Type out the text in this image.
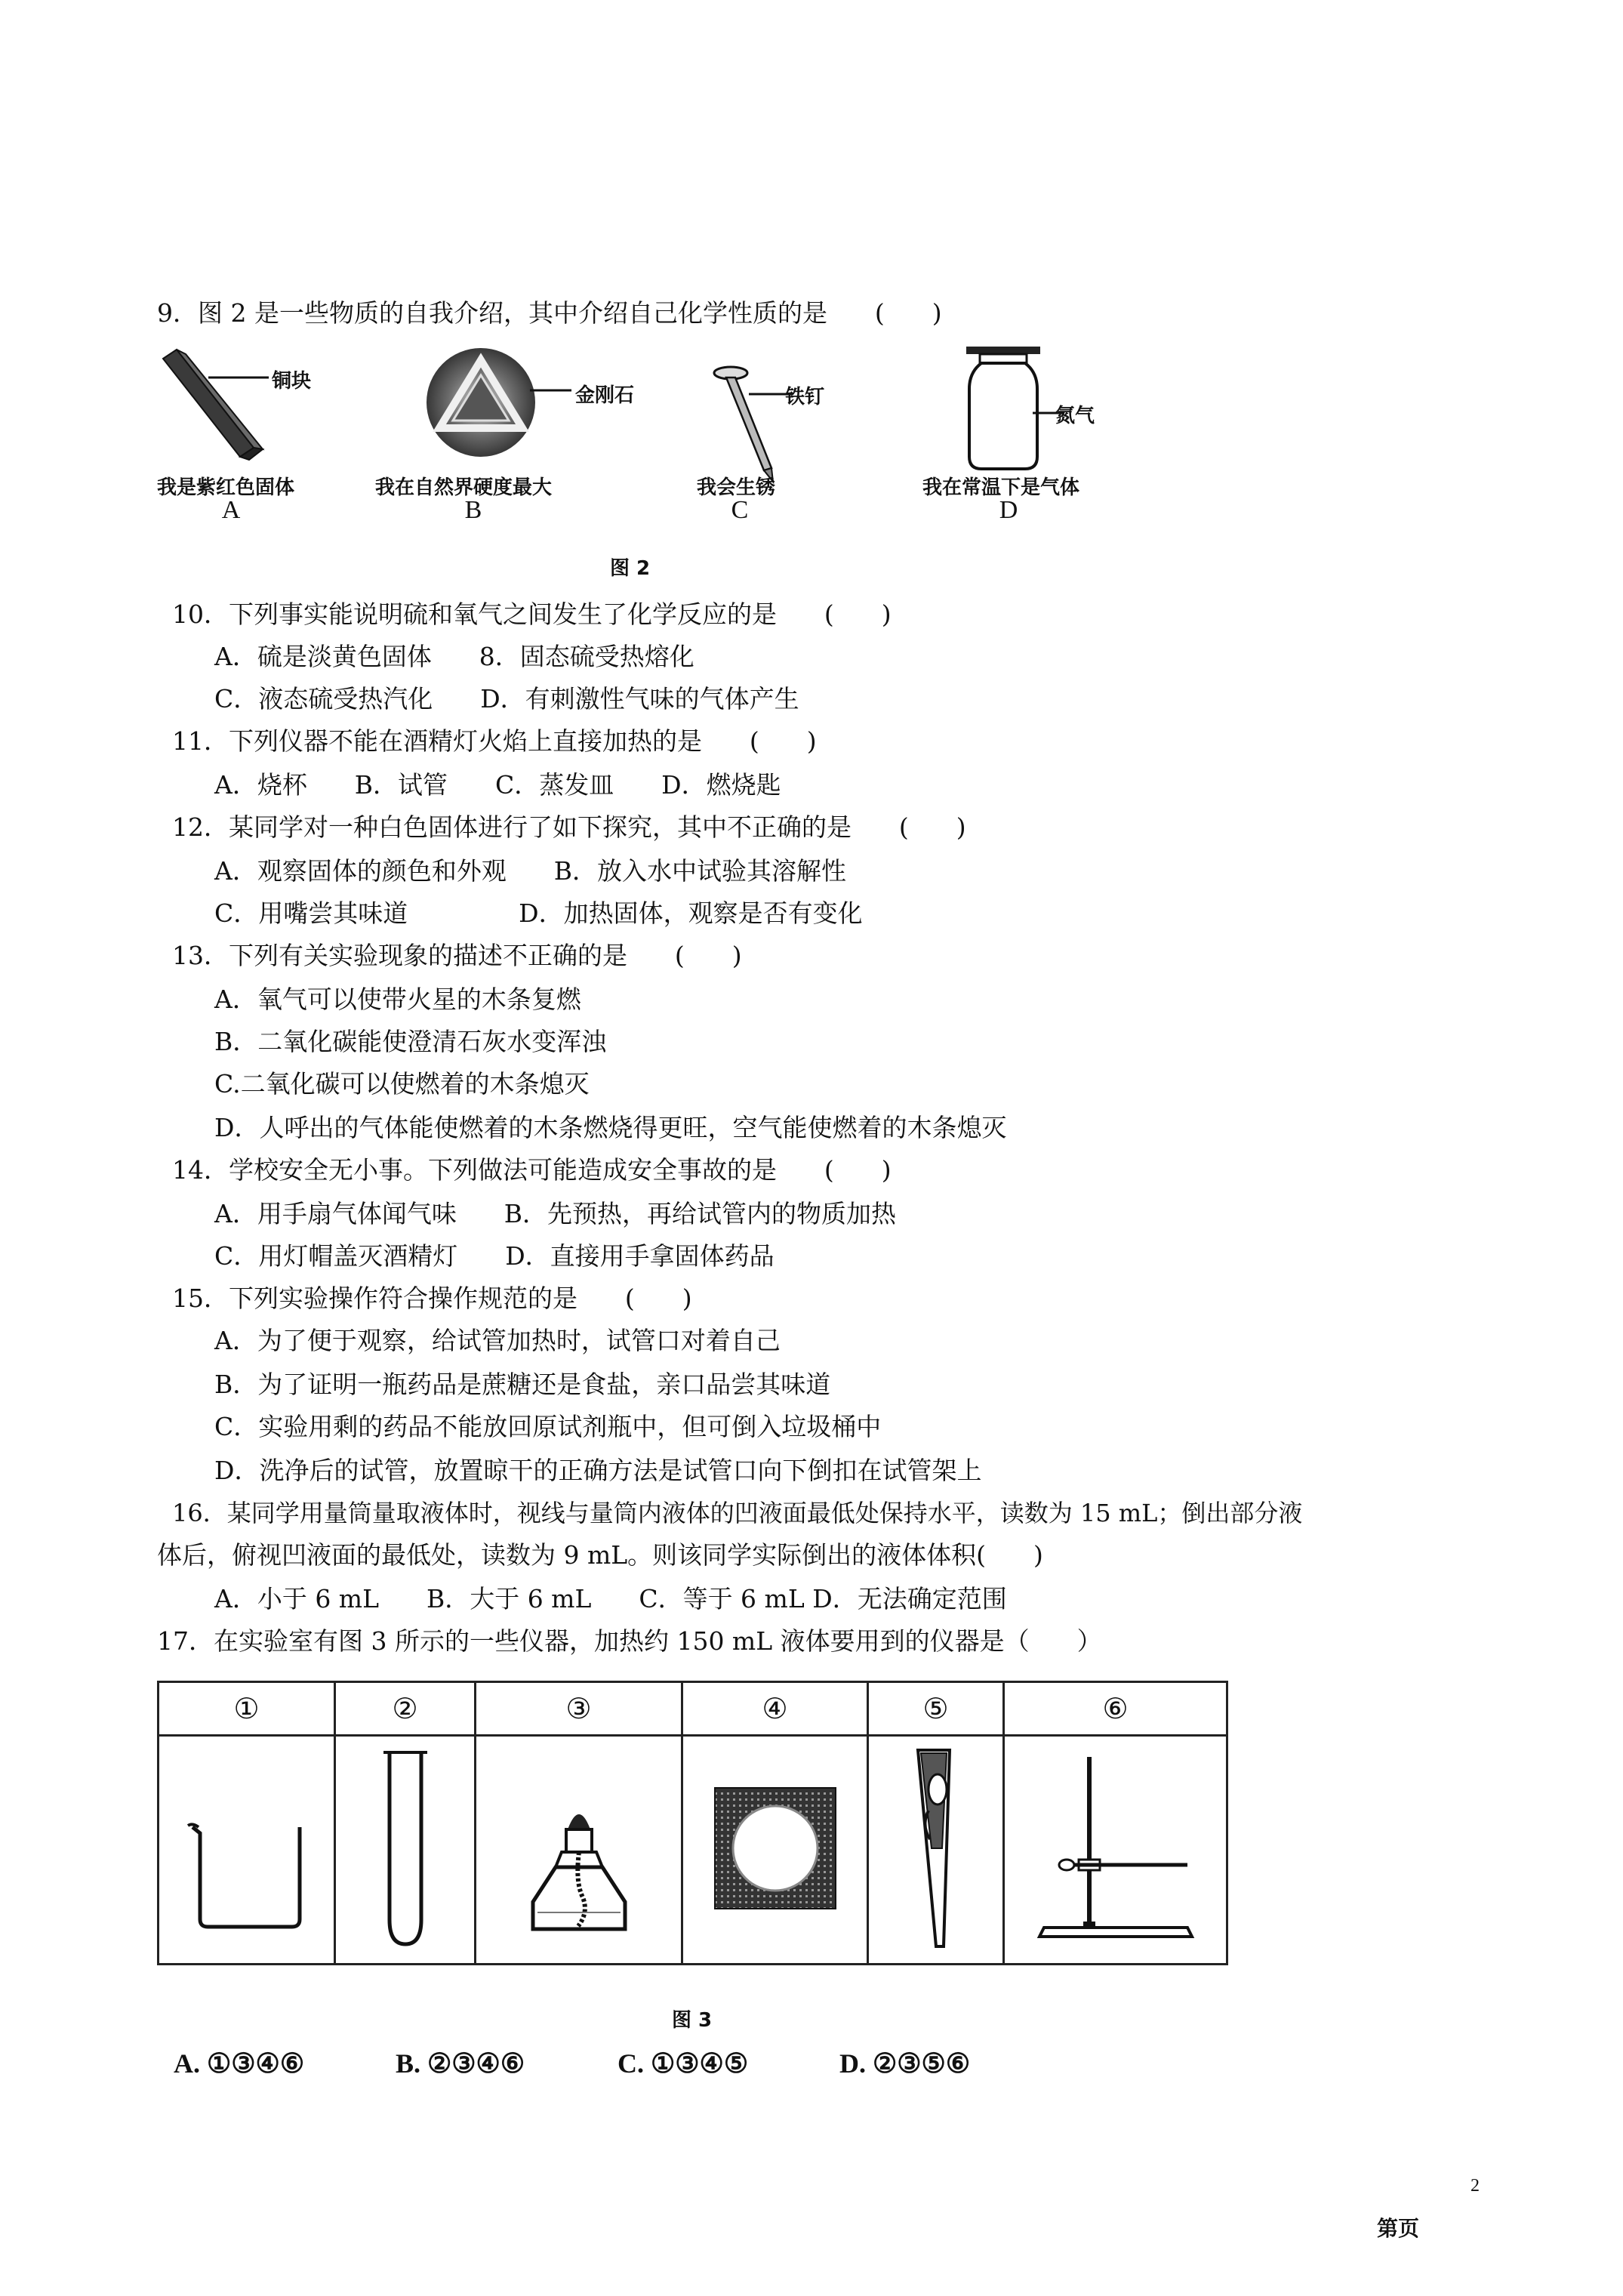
9．图 2 是一些物质的自我介绍，其中介绍自己化学性质的是      (      )
铜块
金刚石	铁钉
氮气
我是紫红色固体	我在自然界硬度最大	我会生锈	我在常温下是气体
A	B	C	D
图 2
10．下列事实能说明硫和氧气之间发生了化学反应的是      (      )
A．硫是淡黄色固体      8．固态硫受热熔化
C．液态硫受热汽化      D．有刺激性气味的气体产生
11．下列仪器不能在酒精灯火焰上直接加热的是      (      )
A．烧杯      B．试管      C．蒸发皿      D．燃烧匙
12．某同学对一种白色固体进行了如下探究，其中不正确的是      (      )
A．观察固体的颜色和外观      B．放入水中试验其溶解性
C．用嘴尝其味道              D．加热固体，观察是否有变化
13．下列有关实验现象的描述不正确的是      (      )
A．氧气可以使带火星的木条复燃
B．二氧化碳能使澄清石灰水变浑浊
C.二氧化碳可以使燃着的木条熄灭
D．人呼出的气体能使燃着的木条燃烧得更旺，空气能使燃着的木条熄灭
14．学校安全无小事。下列做法可能造成安全事故的是      (      )
A．用手扇气体闻气味      B．先预热，再给试管内的物质加热
C．用灯帽盖灭酒精灯      D．直接用手拿固体药品
15．下列实验操作符合操作规范的是      (      )
A．为了便于观察，给试管加热时，试管口对着自己
B．为了证明一瓶药品是蔗糖还是食盐，亲口品尝其味道
C．实验用剩的药品不能放回原试剂瓶中，但可倒入垃圾桶中
D．洗净后的试管，放置晾干的正确方法是试管口向下倒扣在试管架上
16．某同学用量筒量取液体时，视线与量筒内液体的凹液面最低处保持水平，读数为 15 mL；倒出部分液
体后，俯视凹液面的最低处，读数为 9 mL。则该同学实际倒出的液体体积(      )
A．小于 6 mL      B．大于 6 mL      C．等于 6 mL D．无法确定范围
17．在实验室有图 3 所示的一些仪器，加热约 150 mL 液体要用到的仪器是（      ）
①	②	③	④	⑤	⑥

图 3
A. ①③④⑥	B. ②③④⑥	C. ①③④⑤	D. ②③⑤⑥
2
第页
